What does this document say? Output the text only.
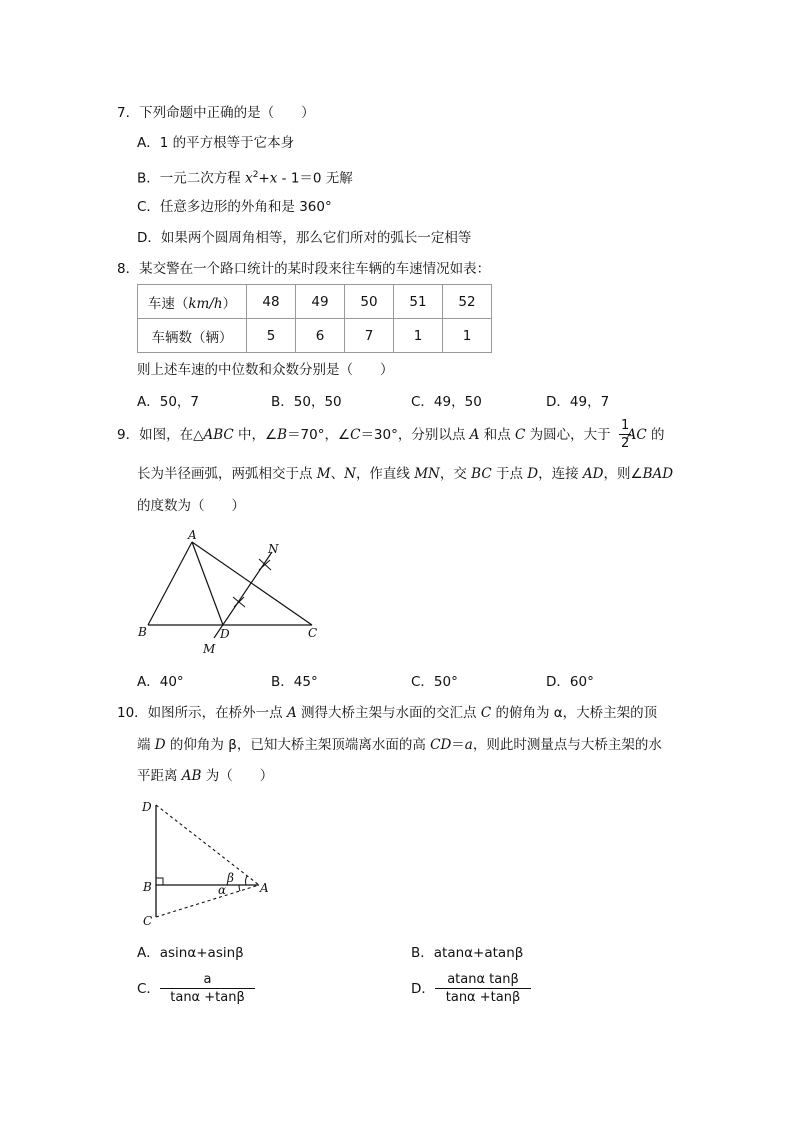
7．下列命题中正确的是（　　）
A．1 的平方根等于它本身
B．一元二次方程 $x^2+x - 1=0$ 无解
C．任意多边形的外角和是 360°
D．如果两个圆周角相等，那么它们所对的弧长一定相等
8．某交警在一个路口统计的某时段来往车辆的车速情况如表：
车速（km/h）	48	49	50	51	52
车辆数（辆）	5	6	7	1	1
则上述车速的中位数和众数分别是（　　）
A．50，7	B．50，50	C．49，50	D．49，7
9．如图，在△ABC 中，∠B＝70°，∠C＝30°，分别以点 A 和点 C 为圆心，大于 AC 的
$\frac{1}{2}$
长为半径画弧，两弧相交于点 M、N，作直线 MN，交 BC 于点 D，连接 AD，则∠BAD
的度数为（　　）
A
B	C
D
M
N
A．40°	B．45°	C．50°	D．60°
10．如图所示，在桥外一点 A 测得大桥主架与水面的交汇点 C 的俯角为 α，大桥主架的顶
端 D 的仰角为 β，已知大桥主架顶端离水面的高 CD＝a，则此时测量点与大桥主架的水
平距离 AB 为（　　）
D
B
C
A
β
α
A．asinα+asinβ	B．atanα+atanβ
C． $\frac{a}{\tan\alpha +\tan\beta}$	D． $\frac{\text{atanα tanβ}}{\tan\alpha +\tan\beta}$
